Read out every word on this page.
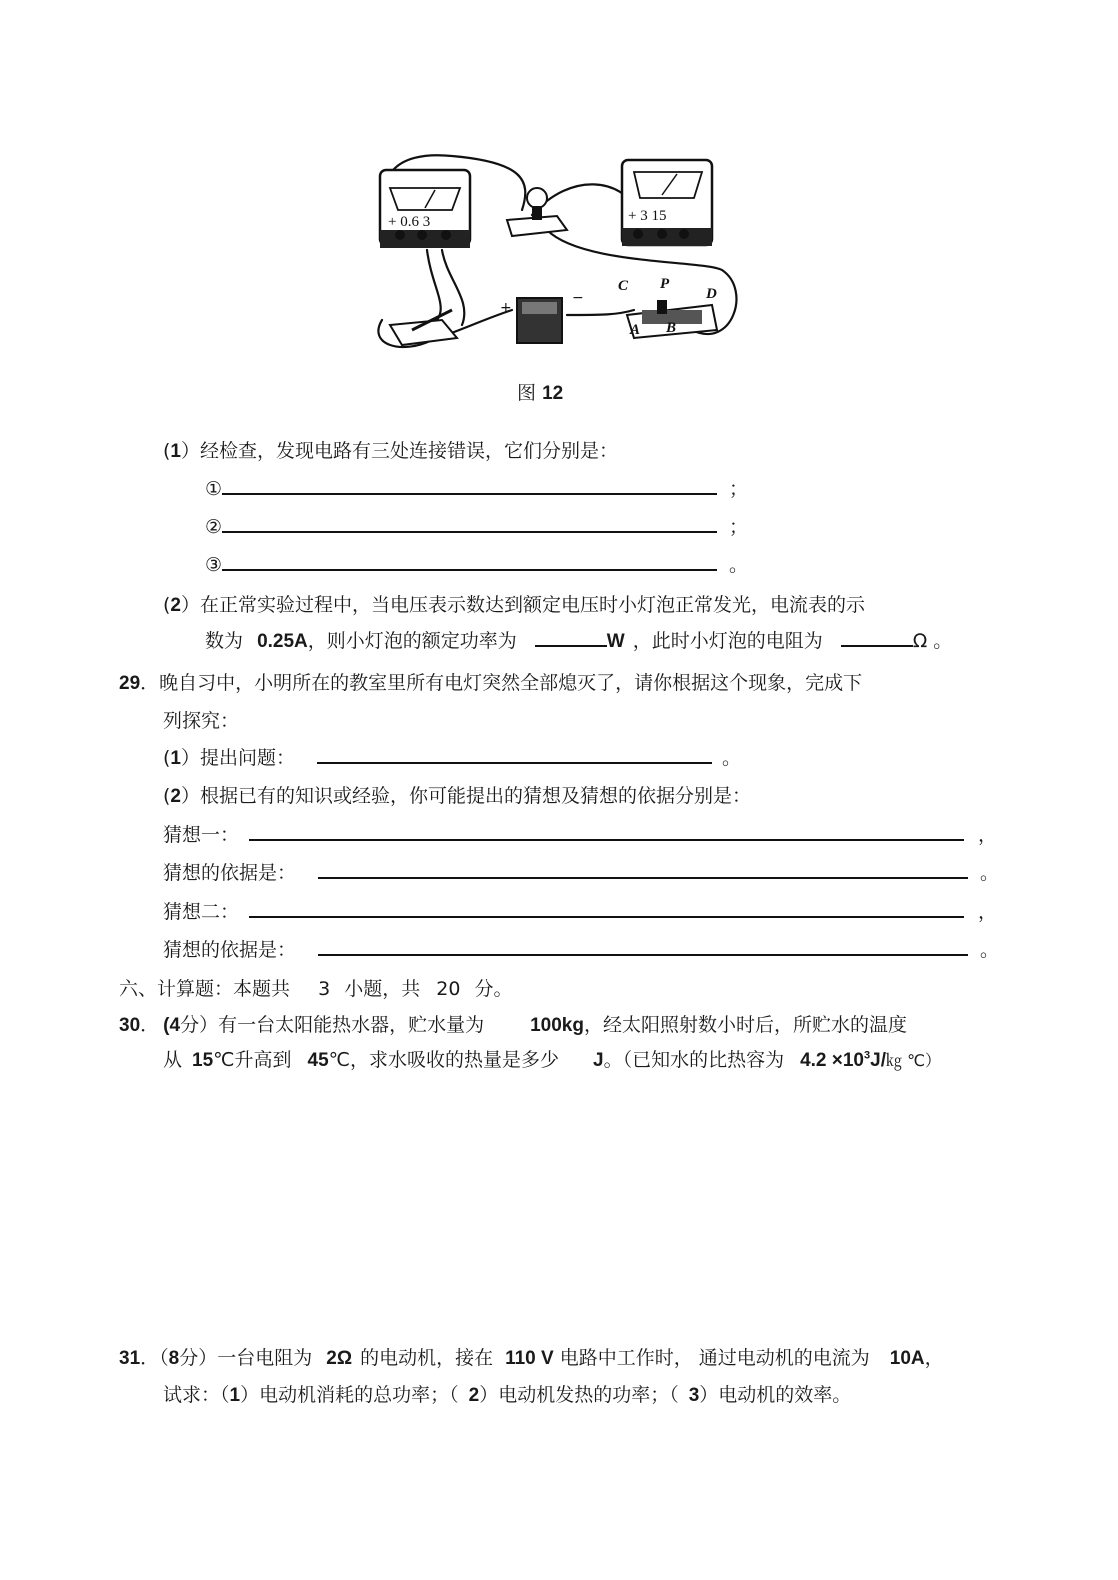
+ 0.6 3	+ 3 15
+
−
C P
D
A B
图 12
(1）经检查，发现电路有三处连接错误，它们分别是：
①	；
②	；
③	。
(2）在正常实验过程中，当电压表示数达到额定电压时小灯泡正常发光，电流表的示
数为 0.25A，则小灯泡的额定功率为	W ，此时小灯泡的电阻为	Ω 。
29．晚自习中，小明所在的教室里所有电灯突然全部熄灭了，请你根据这个现象，完成下
列探究：
(1）提出问题：	。
(2）根据已有的知识或经验，你可能提出的猜想及猜想的依据分别是：
猜想一：	，
猜想的依据是：	。
猜想二：	，
猜想的依据是：	。
六、计算题：本题共 3 小题，共 20 分。
30． (4分）有一台太阳能热水器，贮水量为 100kg，经太阳照射数小时后，所贮水的温度
从 15℃升高到 45℃，求水吸收的热量是多少 J。（已知水的比热容为 $4.2 \times 10^3J/㎏$ ℃）
31．（8分）一台电阻为 2Ω 的电动机，接在 110 V 电路中工作时， 通过电动机的电流为 10A，
试求：（1）电动机消耗的总功率；（ 2）电动机发热的功率；（ 3）电动机的效率。
